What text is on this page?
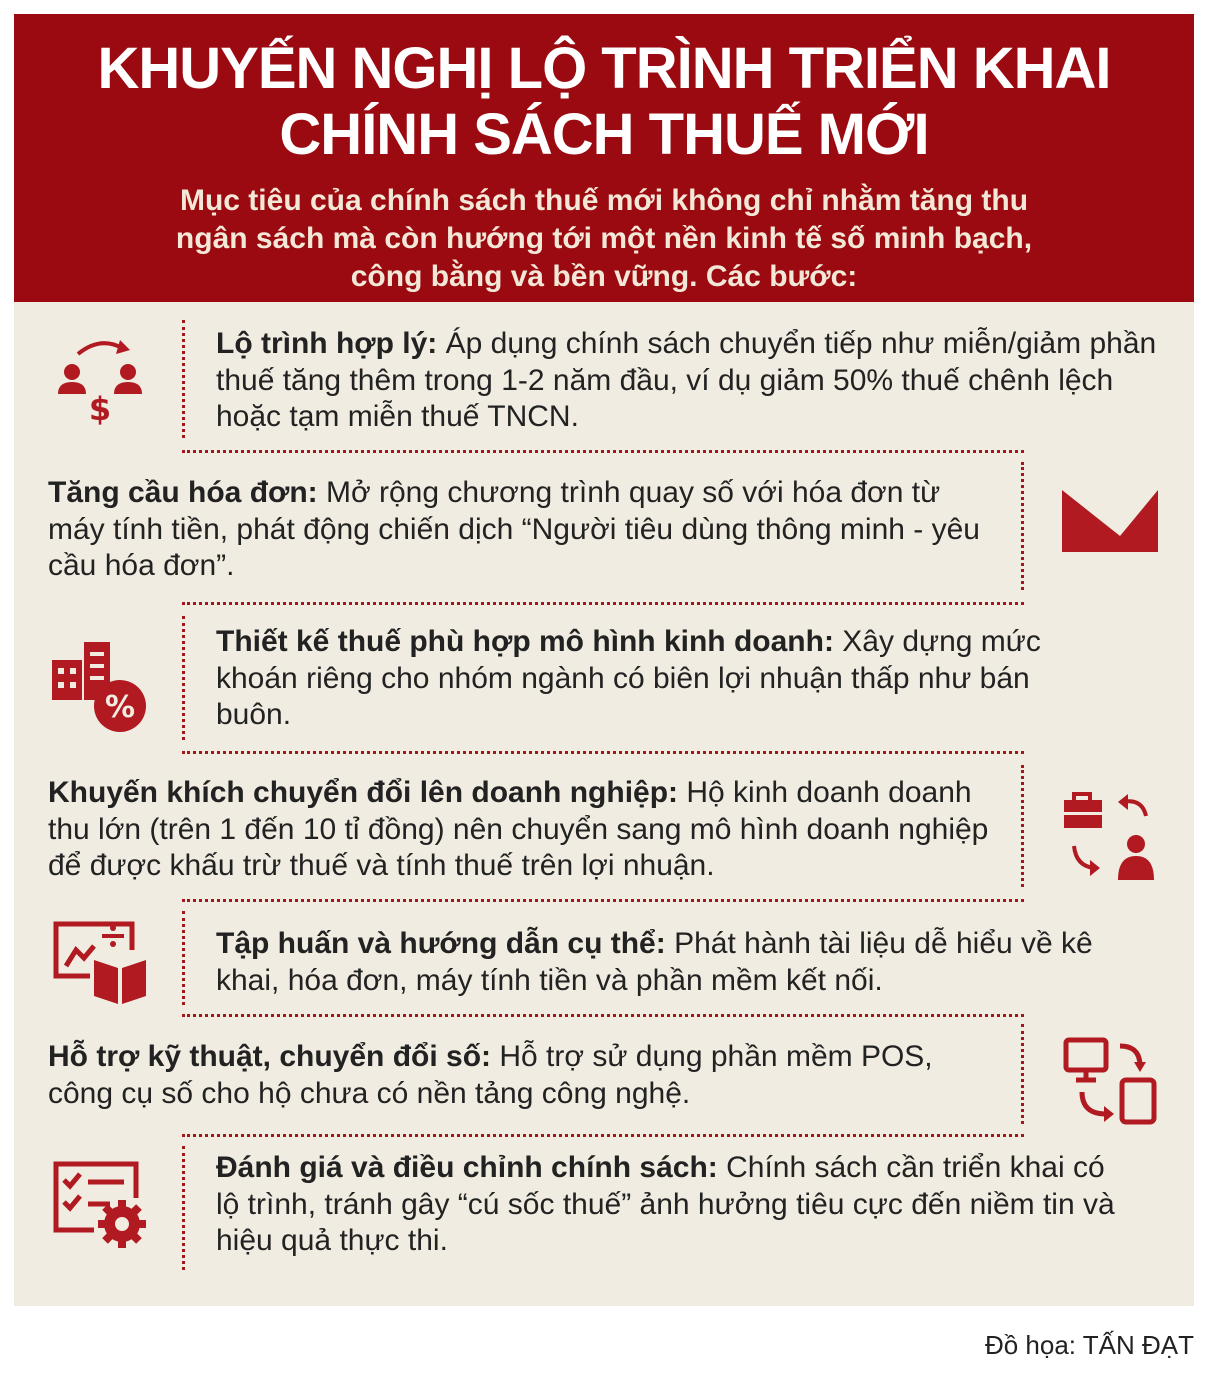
KHUYẾN NGHỊ LỘ TRÌNH TRIỂN KHAI
CHÍNH SÁCH THUẾ MỚI
Mục tiêu của chính sách thuế mới không chỉ nhằm tăng thu
ngân sách mà còn hướng tới một nền kinh tế số minh bạch,
công bằng và bền vững. Các bước:
Lộ trình hợp lý: Áp dụng chính sách chuyển tiếp như miễn/giảm phần thuế tăng thêm trong 1-2 năm đầu, ví dụ giảm 50% thuế chênh lệch hoặc tạm miễn thuế TNCN.
Tăng cầu hóa đơn: Mở rộng chương trình quay số với hóa đơn từ máy tính tiền, phát động chiến dịch “Người tiêu dùng thông minh - yêu cầu hóa đơn”.
Thiết kế thuế phù hợp mô hình kinh doanh: Xây dựng mức khoán riêng cho nhóm ngành có biên lợi nhuận thấp như bán buôn.
Khuyến khích chuyển đổi lên doanh nghiệp: Hộ kinh doanh doanh thu lớn (trên 1 đến 10 tỉ đồng) nên chuyển sang mô hình doanh nghiệp để được khấu trừ thuế và tính thuế trên lợi nhuận.
Tập huấn và hướng dẫn cụ thể: Phát hành tài liệu dễ hiểu về kê khai, hóa đơn, máy tính tiền và phần mềm kết nối.
Hỗ trợ kỹ thuật, chuyển đổi số: Hỗ trợ sử dụng phần mềm POS, công cụ số cho hộ chưa có nền tảng công nghệ.
Đánh giá và điều chỉnh chính sách: Chính sách cần triển khai có lộ trình, tránh gây “cú sốc thuế” ảnh hưởng tiêu cực đến niềm tin và hiệu quả thực thi.
$
%
Đồ họa: TẤN ĐẠT
